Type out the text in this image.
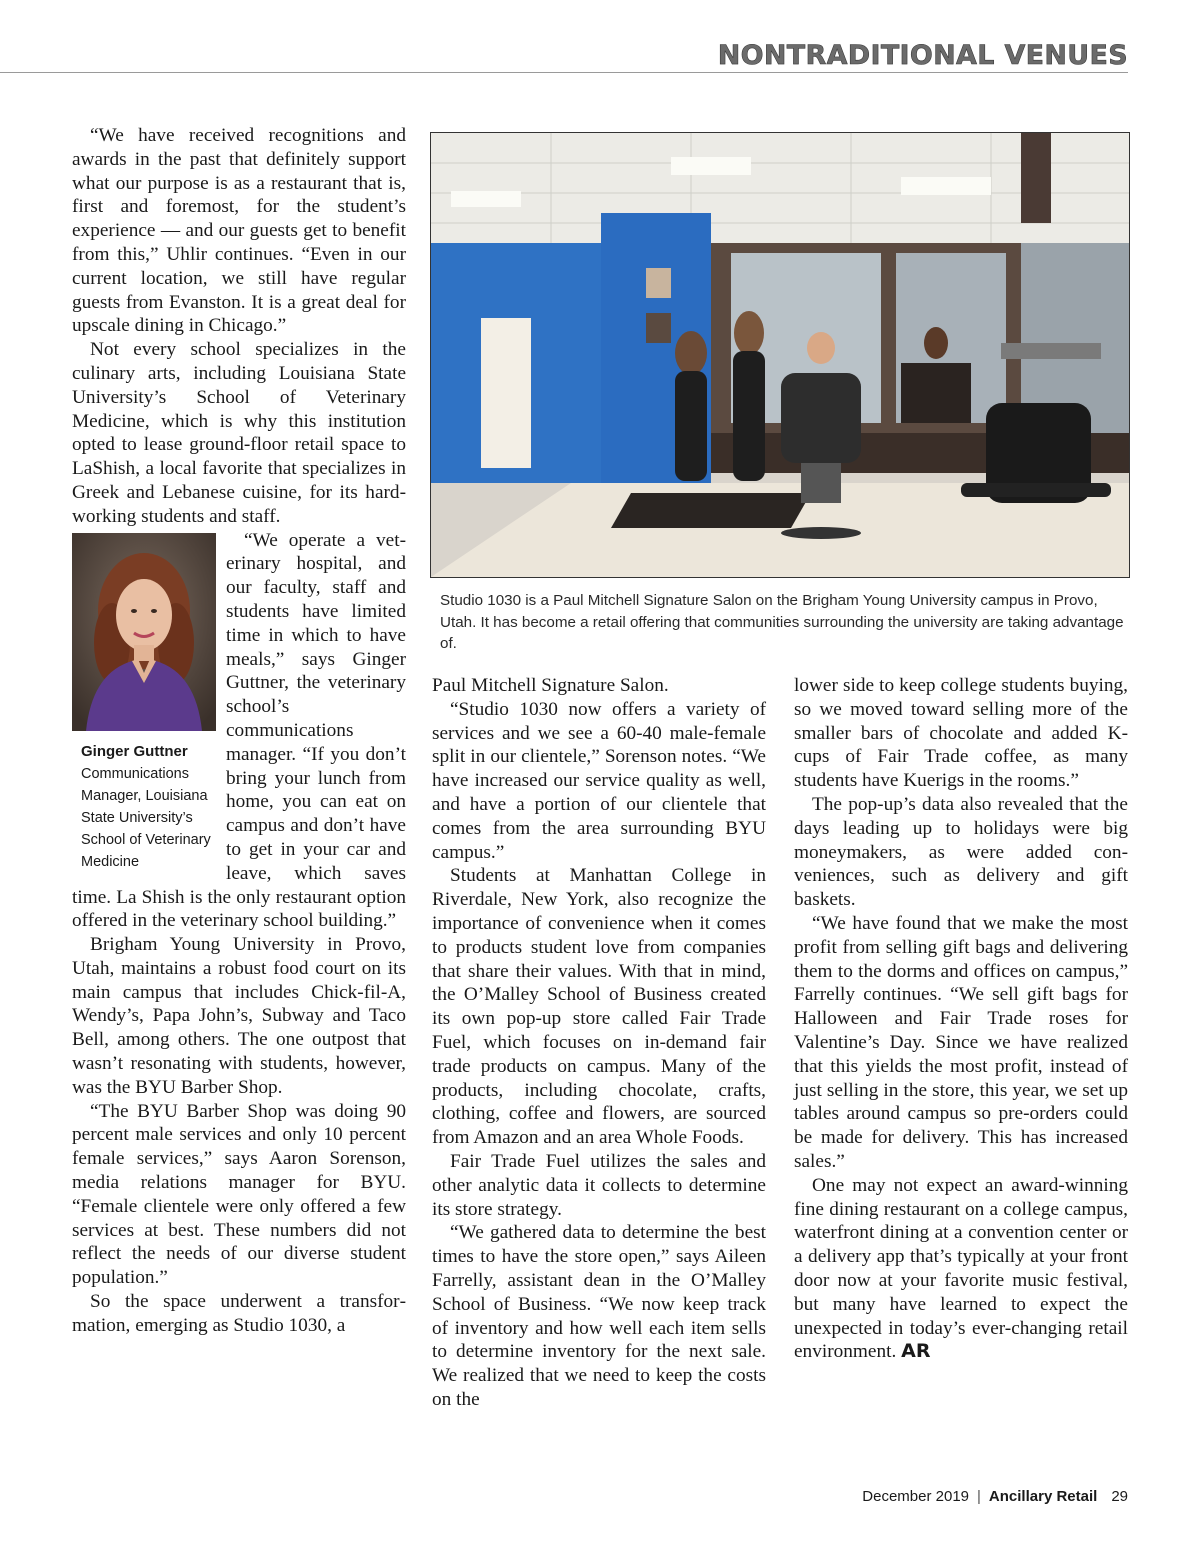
NONTRADITIONAL VENUES

“We have received recognitions and awards in the past that definitely support what our purpose is as a restaurant that is, first and foremost, for the student’s experience — and our guests get to benefit from this,” Uhlir continues. “Even in our current location, we still have regular guests from Evanston. It is a great deal for upscale dining in Chicago.”

Not every school specializes in the culinary arts, including Louisiana State University’s School of Veterinary Medicine, which is why this institution opted to lease ground-floor retail space to LaShish, a local favorite that specializes in Greek and Lebanese cuisine, for its hard-working students and staff.

Ginger Guttner
Communications Manager, Louisiana State University’s School of Veterinary Medicine

“We operate a veterinary hospital, and our faculty, staff and students have limited time in which to have meals,” says Ginger Guttner, the veterinary school’s communications manager. “If you don’t bring your lunch from home, you can eat on campus and don’t have to get in your car and leave, which saves time. La Shish is the only restaurant option offered in the veterinary school building.”

Brigham Young University in Provo, Utah, maintains a robust food court on its main campus that includes Chick-fil-A, Wendy’s, Papa John’s, Subway and Taco Bell, among others. The one outpost that wasn’t resonating with students, however, was the BYU Barber Shop.

“The BYU Barber Shop was doing 90 percent male services and only 10 percent female services,” says Aaron Sorenson, media relations manager for BYU. “Female clientele were only offered a few services at best. These numbers did not reflect the needs of our diverse student population.”

So the space underwent a transformation, emerging as Studio 1030, a

Studio 1030 is a Paul Mitchell Signature Salon on the Brigham Young University campus in Provo, Utah. It has become a retail offering that communities surrounding the university are taking advantage of.

Paul Mitchell Signature Salon.

“Studio 1030 now offers a variety of services and we see a 60-40 male-female split in our clientele,” Sorenson notes. “We have increased our service quality as well, and have a portion of our clientele that comes from the area surrounding BYU campus.”

Students at Manhattan College in Riverdale, New York, also recognize the importance of convenience when it comes to products student love from companies that share their values. With that in mind, the O’Malley School of Business created its own pop-up store called Fair Trade Fuel, which focuses on in-demand fair trade products on campus. Many of the products, including chocolate, crafts, clothing, coffee and flowers, are sourced from Amazon and an area Whole Foods.

Fair Trade Fuel utilizes the sales and other analytic data it collects to determine its store strategy.

“We gathered data to determine the best times to have the store open,” says Aileen Farrelly, assistant dean in the O’Malley School of Business. “We now keep track of inventory and how well each item sells to determine inventory for the next sale. We realized that we need to keep the costs on the

lower side to keep college students buying, so we moved toward selling more of the smaller bars of chocolate and added K-cups of Fair Trade coffee, as many students have Kuerigs in the rooms.”

The pop-up’s data also revealed that the days leading up to holidays were big moneymakers, as were added conveniences, such as delivery and gift baskets.

“We have found that we make the most profit from selling gift bags and delivering them to the dorms and offices on campus,” Farrelly continues. “We sell gift bags for Halloween and Fair Trade roses for Valentine’s Day. Since we have realized that this yields the most profit, instead of just selling in the store, this year, we set up tables around campus so pre-orders could be made for delivery. This has increased sales.”

One may not expect an award-winning fine dining restaurant on a college campus, waterfront dining at a convention center or a delivery app that’s typically at your front door now at your favorite music festival, but many have learned to expect the unexpected in today’s ever-changing retail environment. AR

December 2019 | Ancillary Retail 29
